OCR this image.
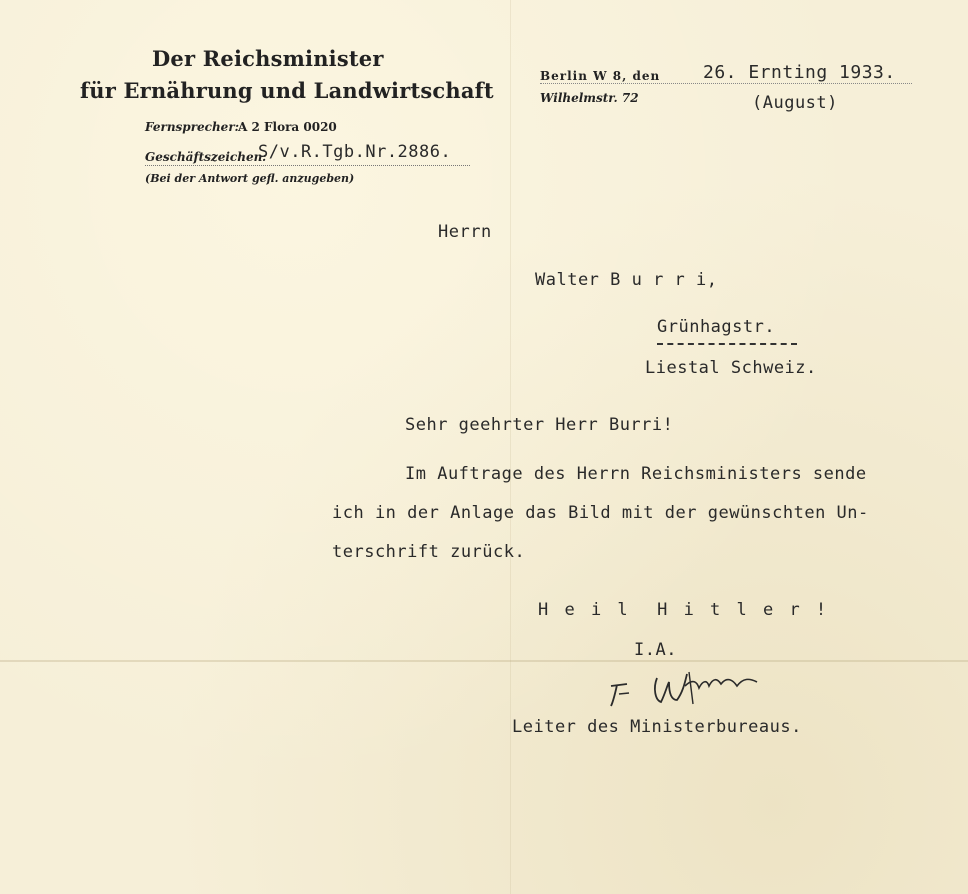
Der Reichsminister
für Ernährung und Landwirtschaft
Fernsprecher:
A 2 Flora 0020
Geschäftszeichen:
S/v.R.Tgb.Nr.2886.
(Bei der Antwort gefl. anzugeben)
Berlin W 8, den
Wilhelmstr. 72
26. Ernting 1933.
(August)
Herrn
Walter B u r r i,
Grünhagstr.
Liestal Schweiz.
Sehr geehrter Herr Burri!
Im Auftrage des Herrn Reichsministers sende
ich in der Anlage das Bild mit der gewünschten Un-
terschrift zurück.
H e i l  H i t l e r !
I.A.
Leiter des Ministerbureaus.
